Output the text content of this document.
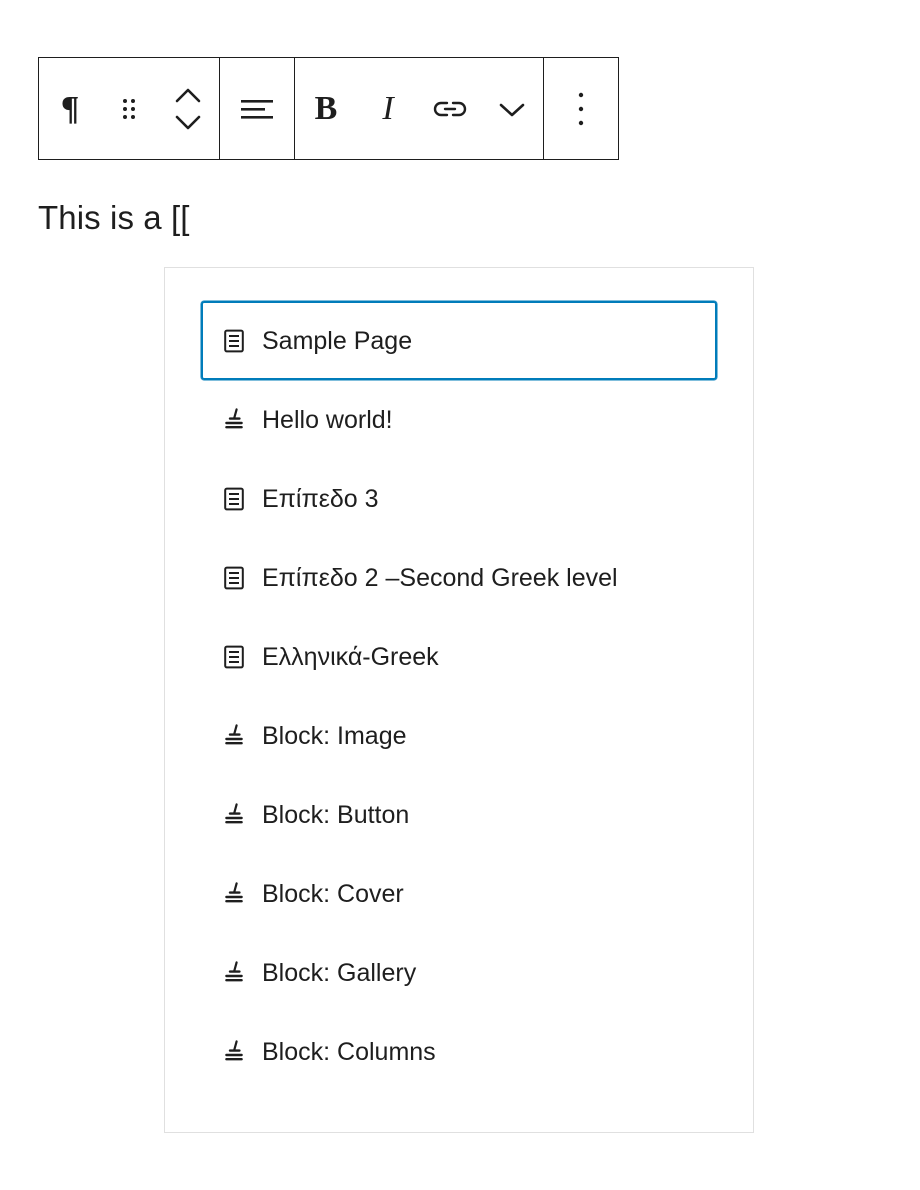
¶	B I
This is a [[
Sample Page
Hello world!
Επίπεδο 3
Επίπεδο 2 –Second Greek level
Ελληνικά-Greek
Block: Image
Block: Button
Block: Cover
Block: Gallery
Block: Columns
